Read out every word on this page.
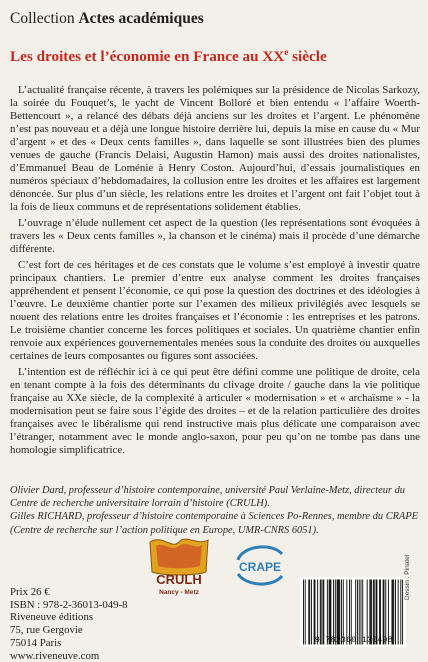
Collection Actes académiques
Les droites et l’économie en France au XXe siècle

L’actualité française récente, à travers les polémiques sur la présidence de Nicolas Sarkozy, la soirée du Fouquet’s, le yacht de Vincent Bolloré et bien entendu « l’affaire Woerth-Bettencourt », a relancé des débats déjà anciens sur les droites et l’argent. Le phénomène n’est pas nouveau et a déjà une longue histoire derrière lui, depuis la mise en cause du « Mur d’argent » et des « Deux cents familles », dans laquelle se sont illustrées bien des plumes venues de gauche (Francis Delaisi, Augustin Hamon) mais aussi des droites nationalistes, d’Emmanuel Beau de Loménie à Henry Coston. Aujourd’hui, d’essais journalistiques en numéros spéciaux d’hebdomadaires, la collusion entre les droites et les affaires est largement dénoncée. Sur plus d’un siècle, les relations entre les droites et l’argent ont fait l’objet tout à la fois de lieux communs et de représentations solidement établies.

L’ouvrage n’élude nullement cet aspect de la question (les représentations sont évoquées à travers les « Deux cents familles », la chanson et le cinéma) mais il procède d’une démarche différente.

C’est fort de ces héritages et de ces constats que le volume s’est employé à investir quatre principaux chantiers. Le premier d’entre eux analyse comment les droites françaises appréhendent et pensent l’économie, ce qui pose la question des doctrines et des idéologies à l’œuvre. Le deuxième chantier porte sur l’examen des milieux privilégiés avec lesquels se nouent des relations entre les droites françaises et l’économie : les entreprises et les patrons. Le troisième chantier concerne les forces politiques et sociales. Un quatrième chantier enfin renvoie aux expériences gouvernementales menées sous la conduite des droites ou auxquelles certaines de leurs composantes ou figures sont associées.

L’intention est de réfléchir ici à ce qui peut être défini comme une politique de droite, cela en tenant compte à la fois des déterminants du clivage droite / gauche dans la vie politique française au XXe siècle, de la complexité à articuler « modernisation » et « archaïsme » - la modernisation peut se faire sous l’égide des droites – et de la relation particulière des droites françaises avec le libéralisme qui rend instructive mais plus délicate une comparaison avec l’étranger, notamment avec le monde anglo-saxon, pour peu qu’on ne tombe pas dans une homologie simplificatrice.

Olivier Dard, professeur d’histoire contemporaine, université Paul Verlaine-Metz, directeur du Centre de recherche universitaire lorrain d’histoire (CRULH).

Gilles RICHARD, professeur d’histoire contemporaine à Sciences Po-Rennes, membre du CRAPE (Centre de recherche sur l’action politique en Europe, UMR-CNRS 6051).

CRULH
Nancy - Metz
CRAPE
Prix 26 €
ISBN : 978-2-36013-049-8
Riveneuve éditions
75, rue Gergovie
75014 Paris
www.riveneuve.com
9 782360 130498
Dessin : Pinatel
